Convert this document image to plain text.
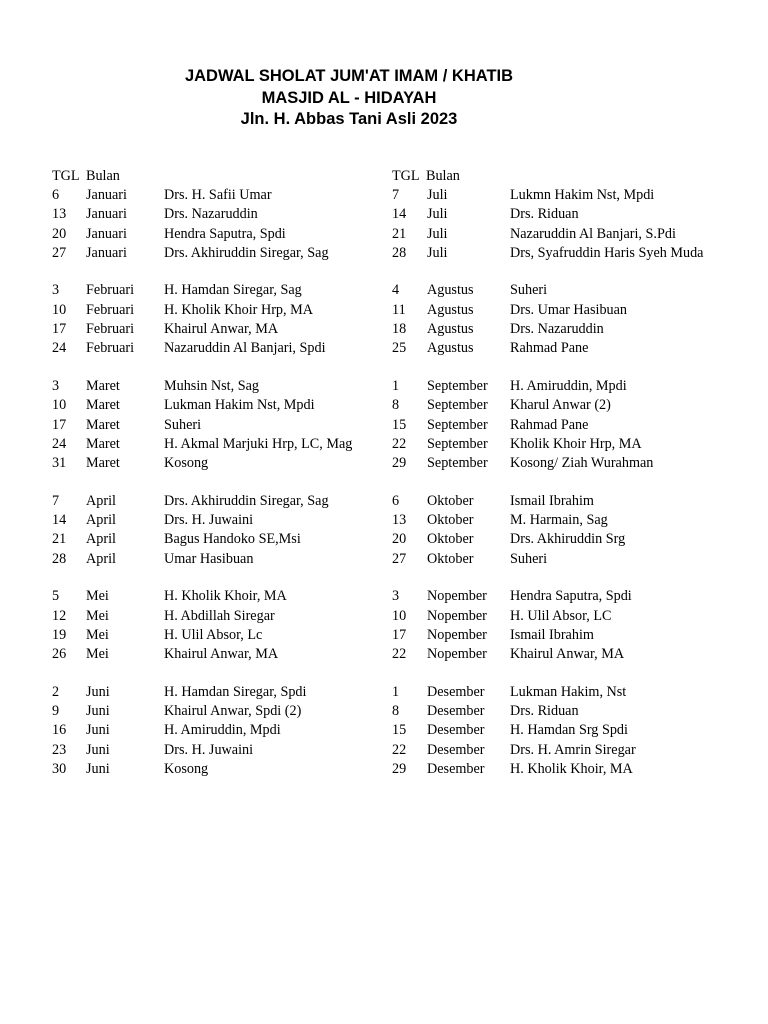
JADWAL SHOLAT JUM'AT IMAM / KHATIB
MASJID AL - HIDAYAH
Jln. H. Abbas Tani Asli 2023
TGL Bulan
6 Januari	Drs. H. Safii Umar
13 Januari	Drs. Nazaruddin
20 Januari	Hendra Saputra, Spdi
27 Januari	Drs. Akhiruddin Siregar, Sag
3 Februari H. Hamdan Siregar, Sag
10 Februari H. Kholik Khoir Hrp, MA
17 Februari Khairul Anwar, MA
24 Februari Nazaruddin Al Banjari, Spdi
3 Maret	Muhsin Nst, Sag
10 Maret	Lukman Hakim Nst, Mpdi
17 Maret	Suheri
24 Maret	H. Akmal Marjuki Hrp, LC, Mag
31 Maret	Kosong
7 April	Drs. Akhiruddin Siregar, Sag
14 April	Drs. H. Juwaini
21 April	Bagus Handoko SE,Msi
28 April	Umar Hasibuan
5 Mei	H. Kholik Khoir, MA
12 Mei	H. Abdillah Siregar
19 Mei	H. Ulil Absor, Lc
26 Mei	Khairul Anwar, MA
2 Juni	H. Hamdan Siregar, Spdi
9 Juni	Khairul Anwar, Spdi (2)
16 Juni	H. Amiruddin, Mpdi
23 Juni	Drs. H. Juwaini
30 Juni	Kosong
TGL Bulan
7 Juli	Lukmn Hakim Nst, Mpdi
14 Juli	Drs. Riduan
21 Juli	Nazaruddin Al Banjari, S.Pdi
28 Juli	Drs, Syafruddin Haris Syeh Muda
4 Agustus	Suheri
11 Agustus	Drs. Umar Hasibuan
18 Agustus	Drs. Nazaruddin
25 Agustus	Rahmad Pane
1 September H. Amiruddin, Mpdi
8 September Kharul Anwar (2)
15 September Rahmad Pane
22 September Kholik Khoir Hrp, MA
29 September Kosong/ Ziah Wurahman
6 Oktober	Ismail Ibrahim
13 Oktober	M. Harmain, Sag
20 Oktober	Drs. Akhiruddin Srg
27 Oktober	Suheri
3 Nopember Hendra Saputra, Spdi
10 Nopember H. Ulil Absor, LC
17 Nopember Ismail Ibrahim
22 Nopember Khairul Anwar, MA
1 Desember Lukman Hakim, Nst
8 Desember Drs. Riduan
15 Desember H. Hamdan Srg Spdi
22 Desember Drs. H. Amrin Siregar
29 Desember H. Kholik Khoir, MA
